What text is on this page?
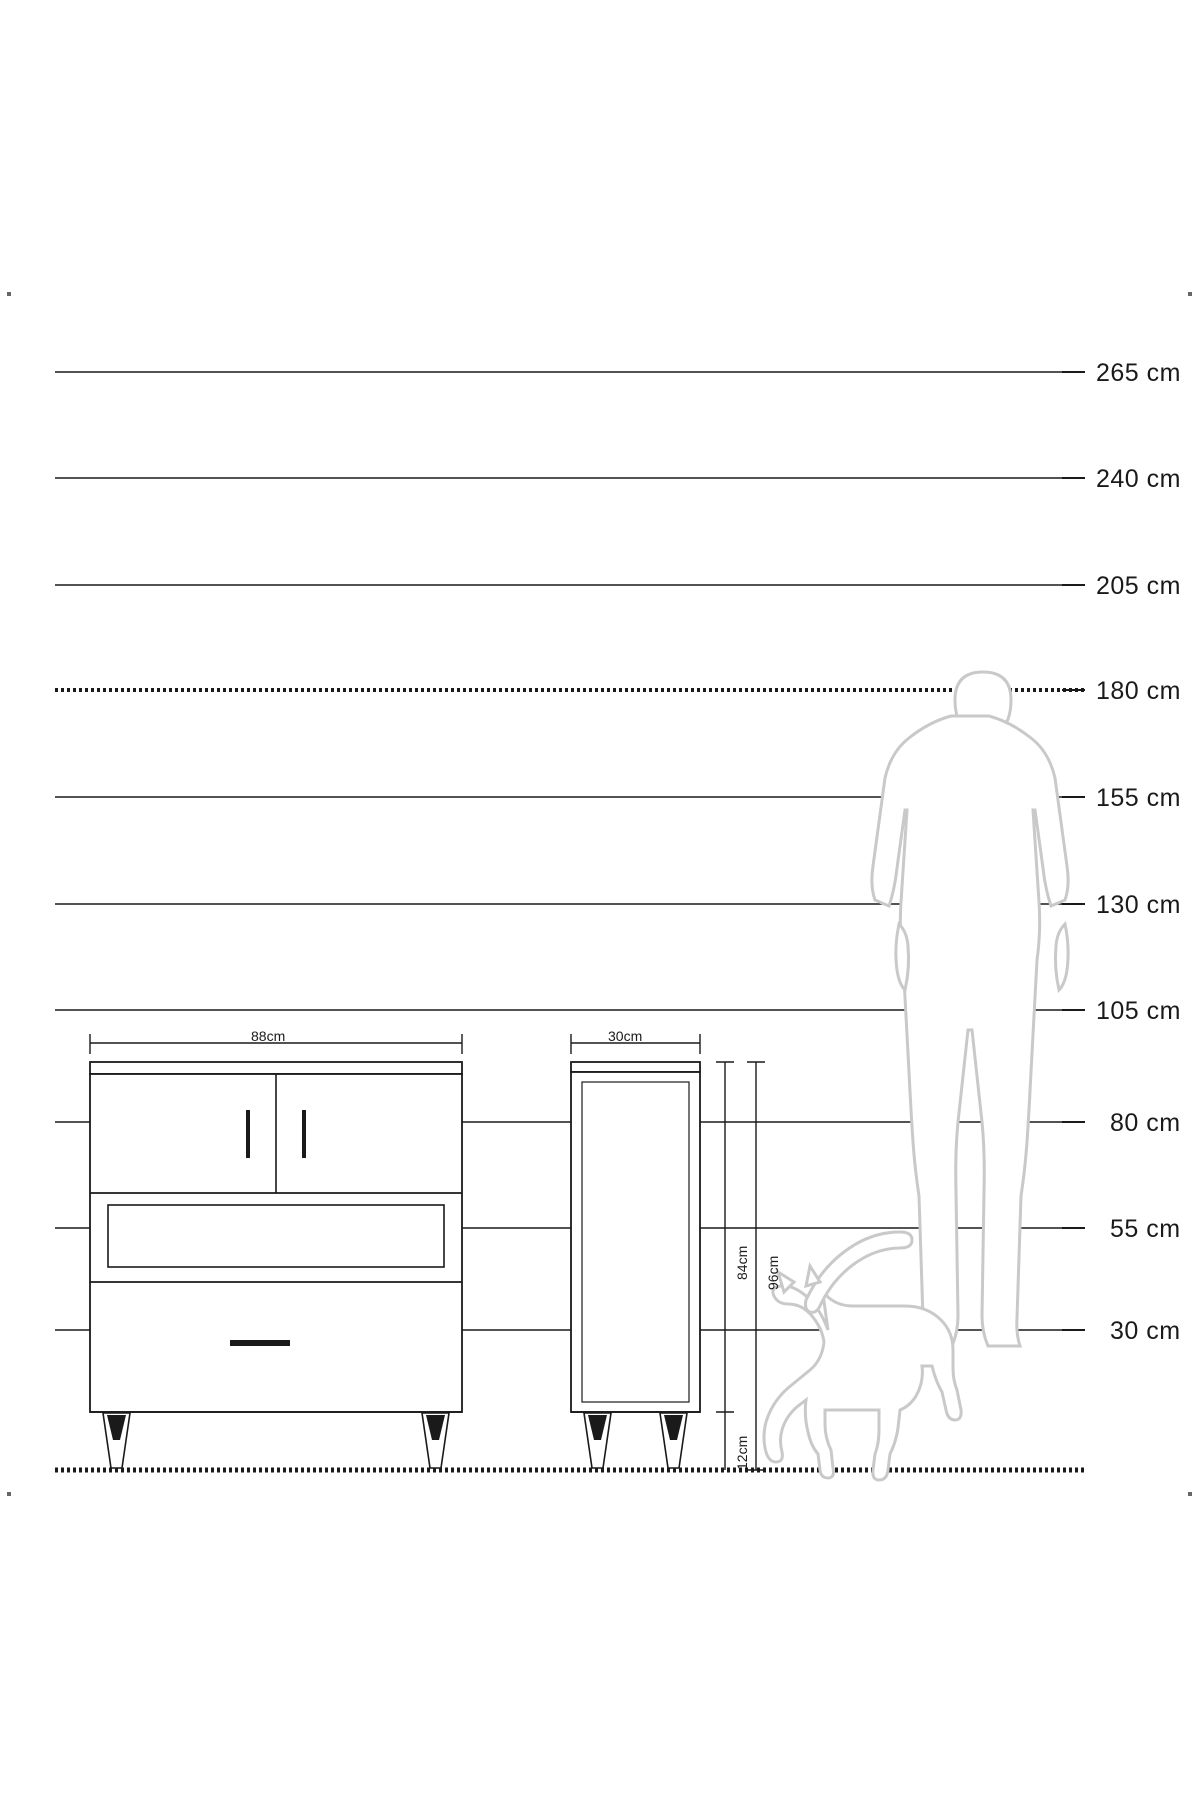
265 cm
240 cm
205 cm
180 cm
155 cm
130 cm
105 cm
80 cm
55 cm
30 cm
88cm	30cm
84cm 96cm
12cm
